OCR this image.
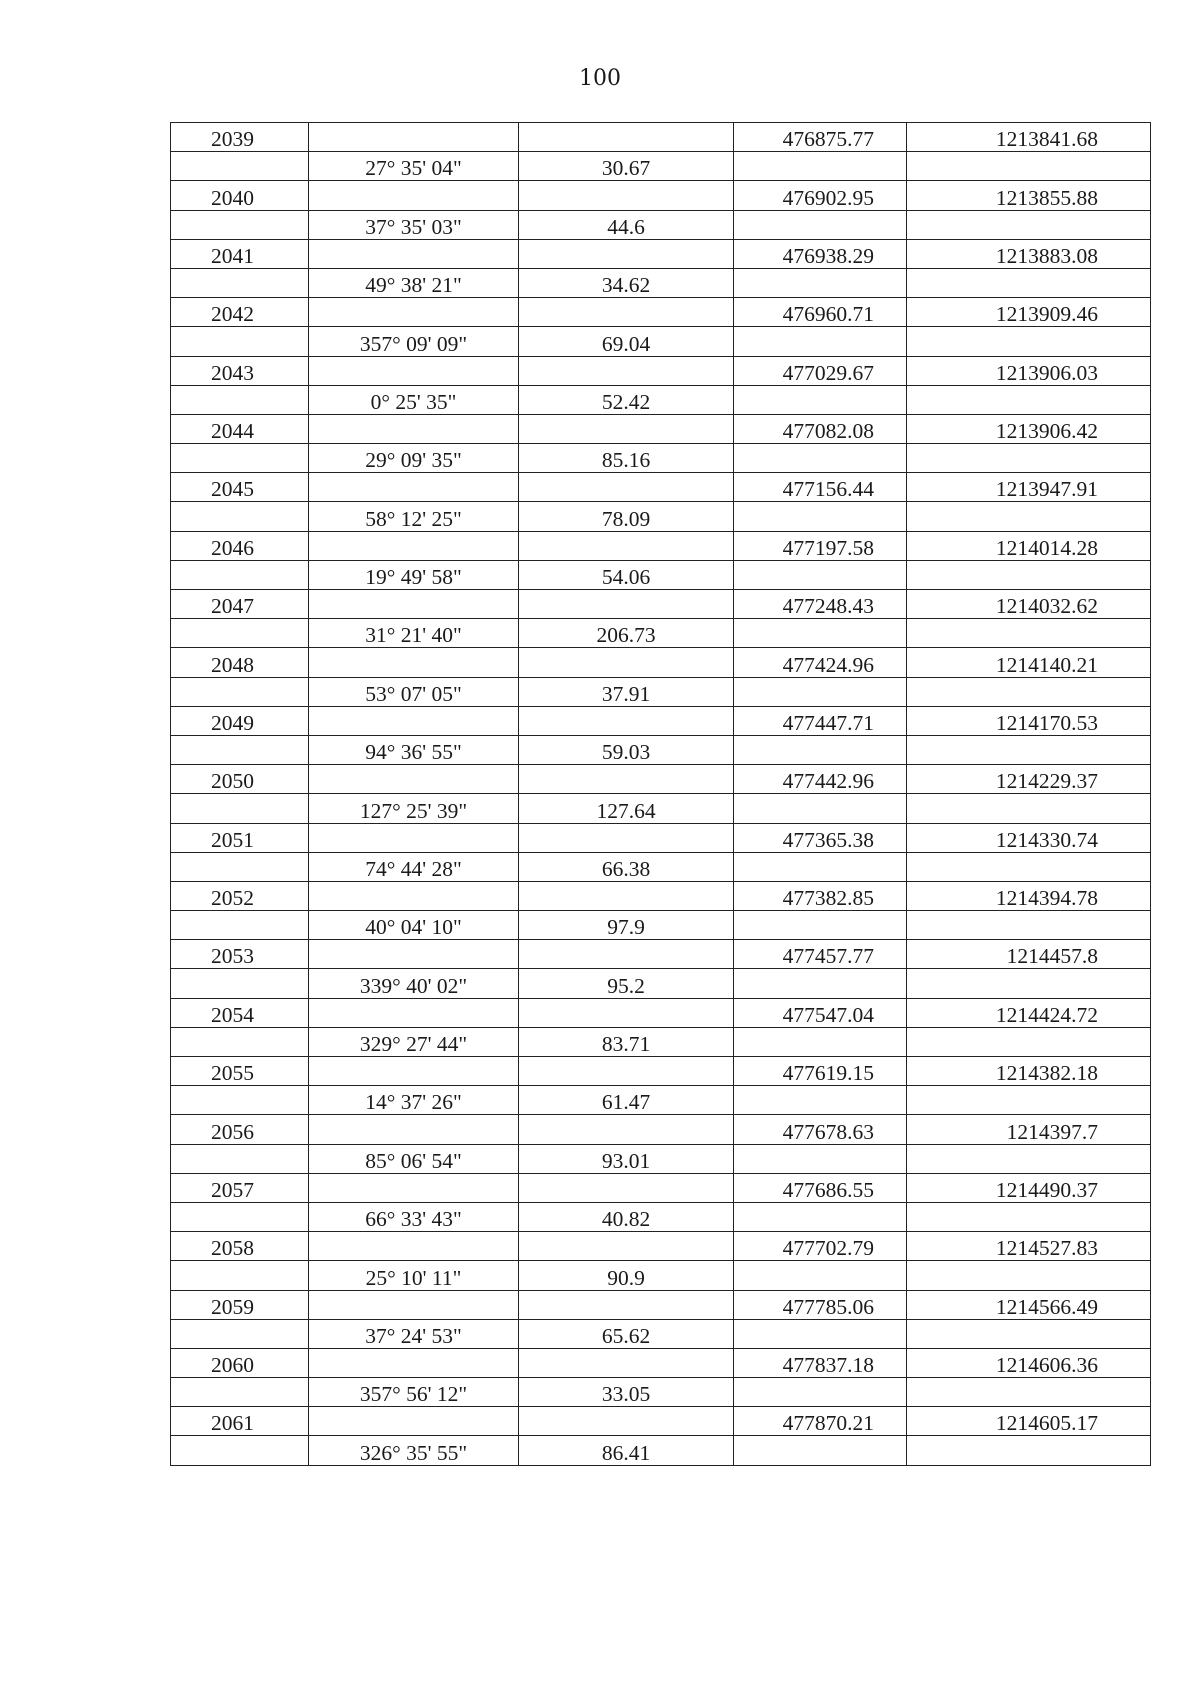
100
2039			476875.77	1213841.68
	27° 35' 04"	30.67		
2040			476902.95	1213855.88
	37° 35' 03"	44.6		
2041			476938.29	1213883.08
	49° 38' 21"	34.62		
2042			476960.71	1213909.46
	357° 09' 09"	69.04		
2043			477029.67	1213906.03
	0° 25' 35"	52.42		
2044			477082.08	1213906.42
	29° 09' 35"	85.16		
2045			477156.44	1213947.91
	58° 12' 25"	78.09		
2046			477197.58	1214014.28
	19° 49' 58"	54.06		
2047			477248.43	1214032.62
	31° 21' 40"	206.73		
2048			477424.96	1214140.21
	53° 07' 05"	37.91		
2049			477447.71	1214170.53
	94° 36' 55"	59.03		
2050			477442.96	1214229.37
	127° 25' 39"	127.64		
2051			477365.38	1214330.74
	74° 44' 28"	66.38		
2052			477382.85	1214394.78
	40° 04' 10"	97.9		
2053			477457.77	1214457.8
	339° 40' 02"	95.2		
2054			477547.04	1214424.72
	329° 27' 44"	83.71		
2055			477619.15	1214382.18
	14° 37' 26"	61.47		
2056			477678.63	1214397.7
	85° 06' 54"	93.01		
2057			477686.55	1214490.37
	66° 33' 43"	40.82		
2058			477702.79	1214527.83
	25° 10' 11"	90.9		
2059			477785.06	1214566.49
	37° 24' 53"	65.62		
2060			477837.18	1214606.36
	357° 56' 12"	33.05		
2061			477870.21	1214605.17
	326° 35' 55"	86.41		
